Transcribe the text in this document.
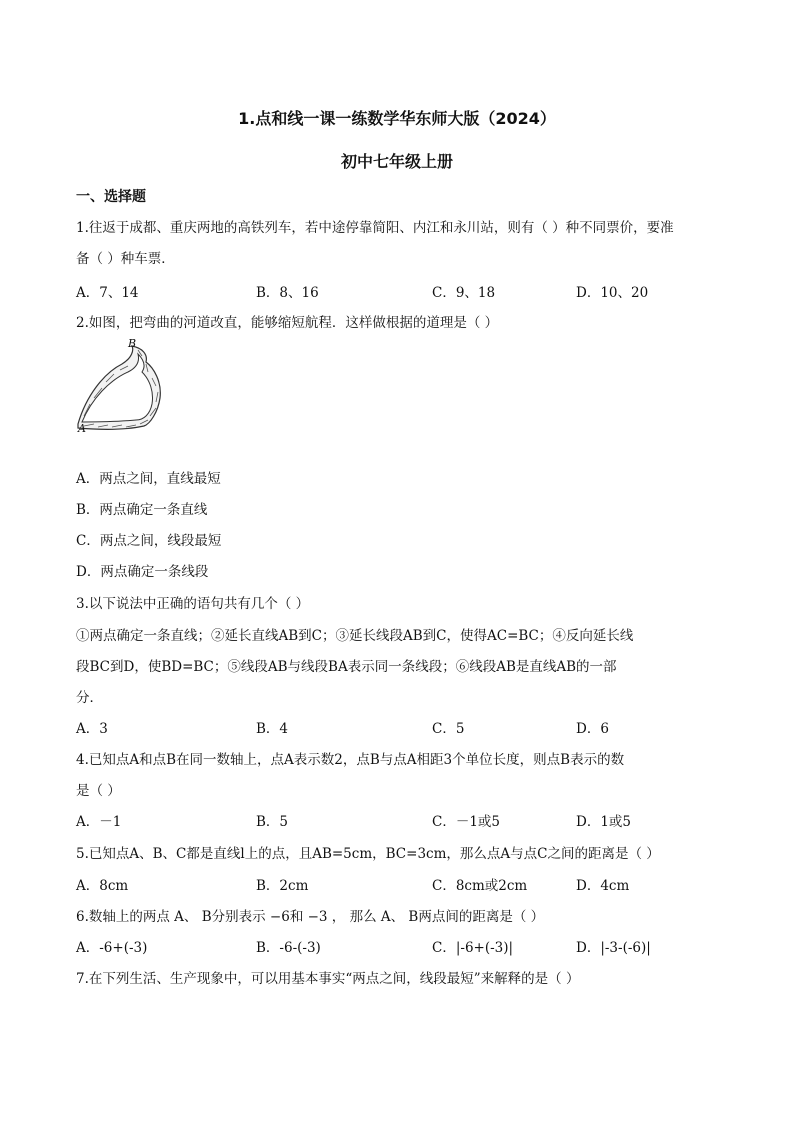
1.点和线一课一练数学华东师大版（2024）
初中七年级上册
一、选择题
1.往返于成都、重庆两地的高铁列车，若中途停靠简阳、内江和永川站，则有（ ）种不同票价，要准
备（ ）种车票．
A．7、14	B．8、16	C．9、18	D．10、20
2.如图，把弯曲的河道改直，能够缩短航程．这样做根据的道理是（ ）
B
A
A．两点之间，直线最短
B．两点确定一条直线
C．两点之间，线段最短
D．两点确定一条线段
3.以下说法中正确的语句共有几个（ ）
①两点确定一条直线；②延长直线AB到C；③延长线段AB到C，使得AC=BC；④反向延长线
段BC到D，使BD=BC；⑤线段AB与线段BA表示同一条线段；⑥线段AB是直线AB的一部
分．
A．3	B．4	C．5	D．6
4.已知点A和点B在同一数轴上，点A表示数2，点B与点A相距3个单位长度，则点B表示的数
是（ ）
A．－1	B．5	C．－1或5	D．1或5
5.已知点A、B、C都是直线l上的点，且AB=5cm，BC=3cm，那么点A与点C之间的距离是（ ）
A．8cm	B．2cm	C．8cm或2cm	D．4cm
6.数轴上的两点 A、 B分别表示 −6和 −3 ， 那么 A、 B两点间的距离是（ ）
A．-6+(-3)	B．-6-(-3)	C．|-6+(-3)|	D．|-3-(-6)|
7.在下列生活、生产现象中，可以用基本事实“两点之间，线段最短”来解释的是（ ）
